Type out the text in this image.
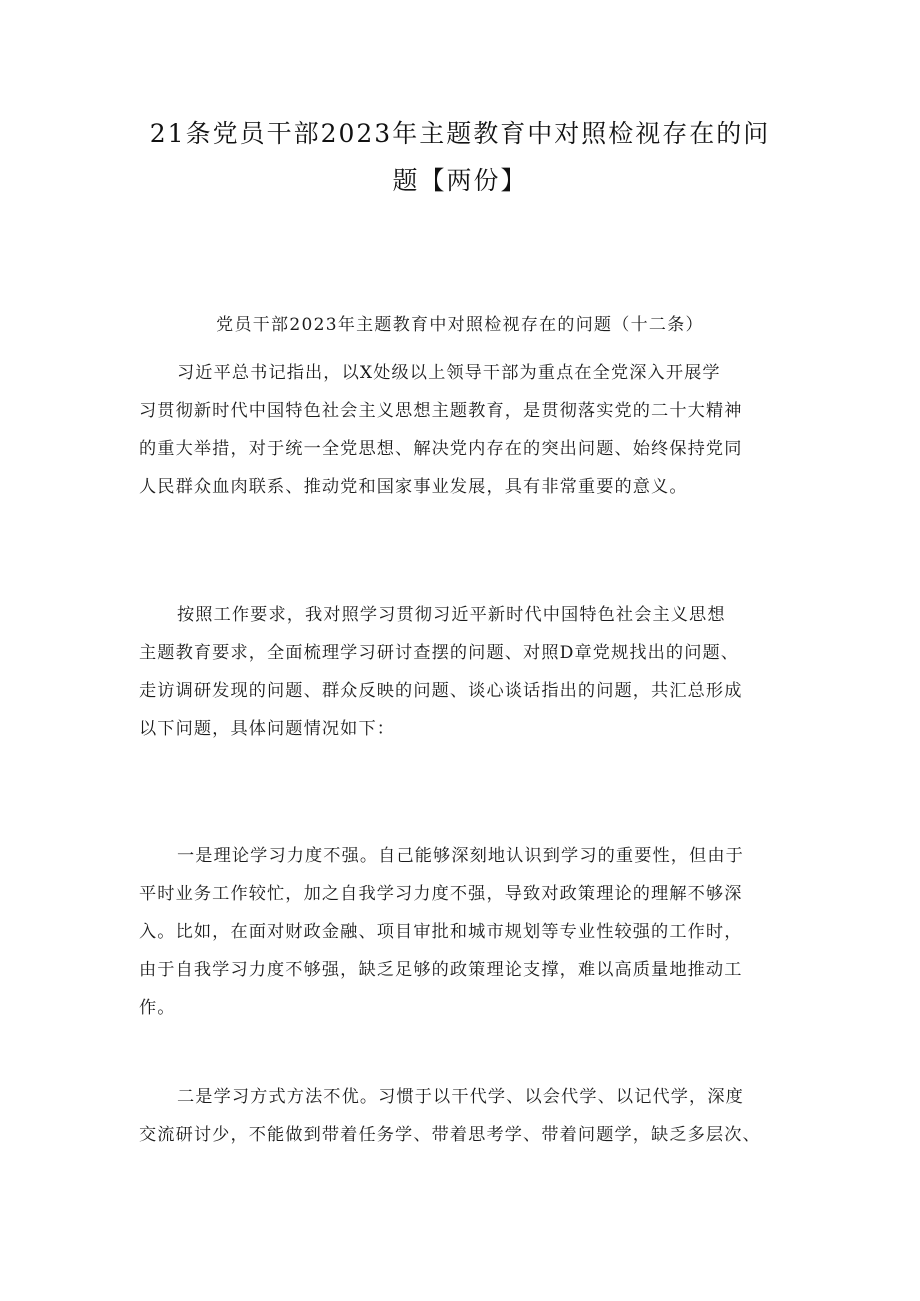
21条党员干部2023年主题教育中对照检视存在的问
题【两份】

党员干部2023年主题教育中对照检视存在的问题（十二条）

习近平总书记指出，以X处级以上领导干部为重点在全党深入开展学
习贯彻新时代中国特色社会主义思想主题教育，是贯彻落实党的二十大精神
的重大举措，对于统一全党思想、解决党内存在的突出问题、始终保持党同
人民群众血肉联系、推动党和国家事业发展，具有非常重要的意义。

按照工作要求，我对照学习贯彻习近平新时代中国特色社会主义思想
主题教育要求，全面梳理学习研讨查摆的问题、对照D章党规找出的问题、
走访调研发现的问题、群众反映的问题、谈心谈话指出的问题，共汇总形成
以下问题，具体问题情况如下：

一是理论学习力度不强。自己能够深刻地认识到学习的重要性，但由于
平时业务工作较忙，加之自我学习力度不强，导致对政策理论的理解不够深
入。比如，在面对财政金融、项目审批和城市规划等专业性较强的工作时，
由于自我学习力度不够强，缺乏足够的政策理论支撑，难以高质量地推动工
作。

二是学习方式方法不优。习惯于以干代学、以会代学、以记代学，深度
交流研讨少，不能做到带着任务学、带着思考学、带着问题学，缺乏多层次、
